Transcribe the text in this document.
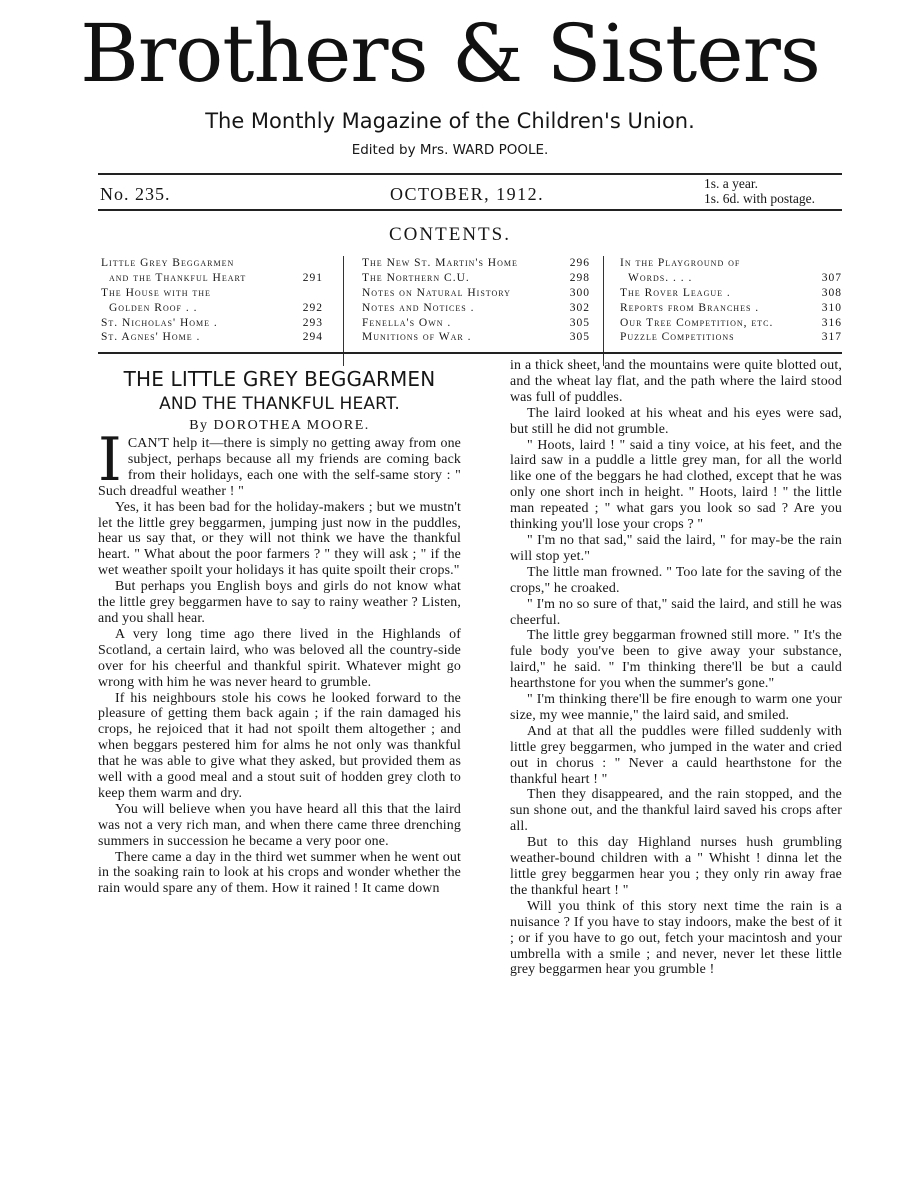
Brothers & Sisters
The Monthly Magazine of the Children's Union.
Edited by Mrs. WARD POOLE.
No. 235.	OCTOBER, 1912.
1s. a year.
1s. 6d. with postage.
CONTENTS.
Little Grey Beggarmen
and the Thankful Heart	291
The House with the
Golden Roof . .	292
St. Nicholas' Home .	293
St. Agnes' Home .	294
The New St. Martin's Home	296
The Northern C.U.	298
Notes on Natural History	300
Notes and Notices .	302
Fenella's Own .	305
Munitions of War .	305
In the Playground of
Words. . . .	307
The Rover League .	308
Reports from Branches .	310
Our Tree Competition, etc.	316
Puzzle Competitions	317
THE LITTLE GREY BEGGARMEN
AND THE THANKFUL HEART.
By DOROTHEA MOORE.

ICAN'T help it—there is simply no getting away from one subject, perhaps because all my friends are coming back from their holidays, each one with the self-same story : " Such dreadful weather ! "

Yes, it has been bad for the holiday-makers ; but we mustn't let the little grey beggarmen, jumping just now in the puddles, hear us say that, or they will not think we have the thankful heart. " What about the poor farmers ? " they will ask ; " if the wet weather spoilt your holidays it has quite spoilt their crops."

But perhaps you English boys and girls do not know what the little grey beggarmen have to say to rainy weather ? Listen, and you shall hear.

A very long time ago there lived in the Highlands of Scotland, a certain laird, who was beloved all the country-side over for his cheerful and thankful spirit. Whatever might go wrong with him he was never heard to grumble.

If his neighbours stole his cows he looked forward to the pleasure of getting them back again ; if the rain damaged his crops, he rejoiced that it had not spoilt them altogether ; and when beggars pestered him for alms he not only was thankful that he was able to give what they asked, but provided them as well with a good meal and a stout suit of hodden grey cloth to keep them warm and dry.

You will believe when you have heard all this that the laird was not a very rich man, and when there came three drenching summers in succession he became a very poor one.

There came a day in the third wet summer when he went out in the soaking rain to look at his crops and wonder whether the rain would spare any of them. How it rained ! It came down

in a thick sheet, and the mountains were quite blotted out, and the wheat lay flat, and the path where the laird stood was full of puddles.

The laird looked at his wheat and his eyes were sad, but still he did not grumble.

" Hoots, laird ! " said a tiny voice, at his feet, and the laird saw in a puddle a little grey man, for all the world like one of the beggars he had clothed, except that he was only one short inch in height. " Hoots, laird ! " the little man repeated ; " what gars you look so sad ? Are you thinking you'll lose your crops ? "

" I'm no that sad," said the laird, " for may-be the rain will stop yet."

The little man frowned. " Too late for the saving of the crops," he croaked.

" I'm no so sure of that," said the laird, and still he was cheerful.

The little grey beggarman frowned still more. " It's the fule body you've been to give away your substance, laird," he said. " I'm thinking there'll be but a cauld hearthstone for you when the summer's gone."

" I'm thinking there'll be fire enough to warm one your size, my wee mannie," the laird said, and smiled.

And at that all the puddles were filled suddenly with little grey beggarmen, who jumped in the water and cried out in chorus : " Never a cauld hearthstone for the thankful heart ! "

Then they disappeared, and the rain stopped, and the sun shone out, and the thankful laird saved his crops after all.

But to this day Highland nurses hush grumbling weather-bound children with a " Whisht ! dinna let the little grey beggarmen hear you ; they only rin away frae the thankful heart ! "

Will you think of this story next time the rain is a nuisance ? If you have to stay indoors, make the best of it ; or if you have to go out, fetch your macintosh and your umbrella with a smile ; and never, never let these little grey beggarmen hear you grumble !
